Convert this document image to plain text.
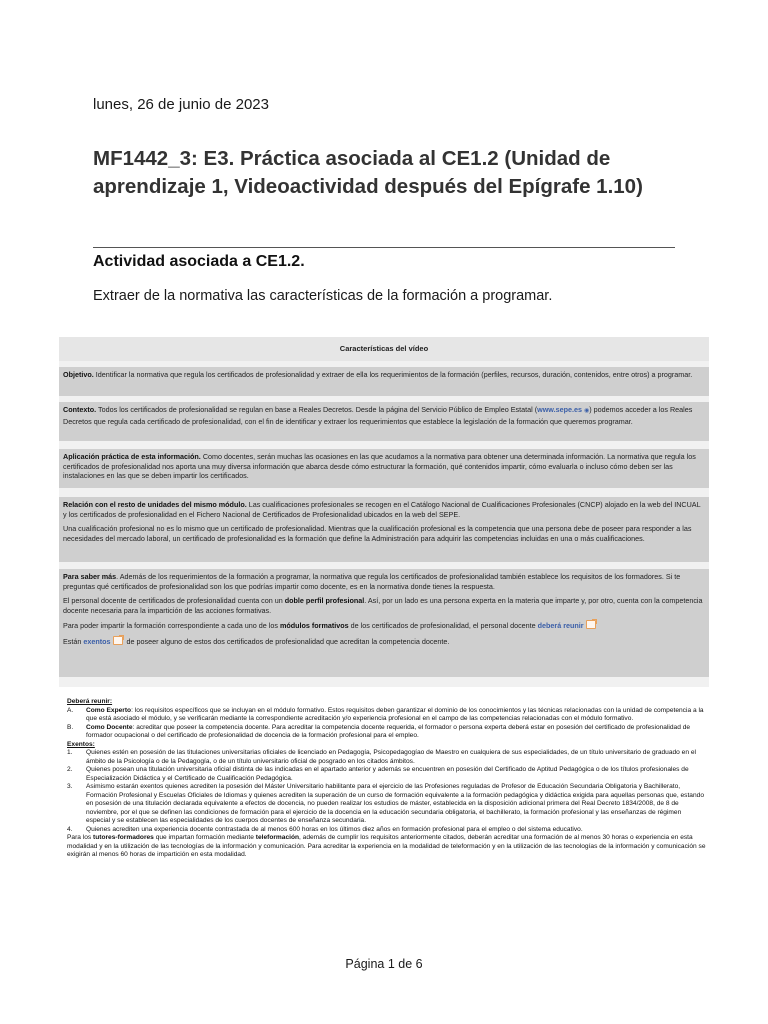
lunes, 26 de junio de 2023
MF1442_3: E3. Práctica asociada al CE1.2 (Unidad de aprendizaje 1, Videoactividad después del Epígrafe 1.10)
Actividad asociada a CE1.2.
Extraer de la normativa las características de la formación a programar.
Características del vídeo

Objetivo. Identificar la normativa que regula los certificados de profesionalidad y extraer de ella los requerimientos de la formación (perfiles, recursos, duración, contenidos, entre otros) a programar.

Contexto. Todos los certificados de profesionalidad se regulan en base a Reales Decretos. Desde la página del Servicio Público de Empleo Estatal (www.sepe.es ◉) podemos acceder a los Reales Decretos que regula cada certificado de profesionalidad, con el fin de identificar y extraer los requerimientos que establece la legislación de la formación que queremos programar.

Aplicación práctica de esta información. Como docentes, serán muchas las ocasiones en las que acudamos a la normativa para obtener una determinada información. La normativa que regula los certificados de profesionalidad nos aporta una muy diversa información que abarca desde cómo estructurar la formación, qué contenidos impartir, cómo evaluarla o incluso cómo deben ser las instalaciones en las que se deben impartir los certificados.

Relación con el resto de unidades del mismo módulo. Las cualificaciones profesionales se recogen en el Catálogo Nacional de Cualificaciones Profesionales (CNCP) alojado en la web del INCUAL y los certificados de profesionalidad en el Fichero Nacional de Certificados de Profesionalidad ubicados en la web del SEPE.

Una cualificación profesional no es lo mismo que un certificado de profesionalidad. Mientras que la cualificación profesional es la competencia que una persona debe de poseer para responder a las necesidades del mercado laboral, un certificado de profesionalidad es la formación que define la Administración para adquirir las competencias incluidas en una o más cualificaciones.

Para saber más. Además de los requerimientos de la formación a programar, la normativa que regula los certificados de profesionalidad también establece los requisitos de los formadores. Si te preguntas qué certificados de profesionalidad son los que podrías impartir como docente, es en la normativa donde tienes la respuesta.

El personal docente de certificados de profesionalidad cuenta con un doble perfil profesional. Así, por un lado es una persona experta en la materia que imparte y, por otro, cuenta con la competencia docente necesaria para la impartición de las acciones formativas.

Para poder impartir la formación correspondiente a cada uno de los módulos formativos de los certificados de profesionalidad, el personal docente deberá reunir

Están exentos de poseer alguno de estos dos certificados de profesionalidad que acreditan la competencia docente.

Deberá reunir:
A.	Como Experto: los requisitos específicos que se incluyan en el módulo formativo. Estos requisitos deben garantizar el dominio de los conocimientos y las técnicas relacionadas con la unidad de competencia a la que está asociado el módulo, y se verificarán mediante la correspondiente acreditación y/o experiencia profesional en el campo de las competencias relacionadas con el módulo formativo.
B.	Como Docente: acreditar que poseer la competencia docente. Para acreditar la competencia docente requerida, el formador o persona experta deberá estar en posesión del certificado de profesionalidad de formador ocupacional o del certificado de profesionalidad de docencia de la formación profesional para el empleo.
Exentos:
1.	Quienes estén en posesión de las titulaciones universitarias oficiales de licenciado en Pedagogía, Psicopedagogíao de Maestro en cualquiera de sus especialidades, de un título universitario de graduado en el ámbito de la Psicología o de la Pedagogía, o de un título universitario oficial de posgrado en los citados ámbitos.
2.	Quienes posean una titulación universitaria oficial distinta de las indicadas en el apartado anterior y además se encuentren en posesión del Certificado de Aptitud Pedagógica o de los títulos profesionales de Especialización Didáctica y el Certificado de Cualificación Pedagógica.
3.	Asimismo estarán exentos quienes acrediten la posesión del Máster Universitario habilitante para el ejercicio de las Profesiones reguladas de Profesor de Educación Secundaria Obligatoria y Bachillerato, Formación Profesional y Escuelas Oficiales de Idiomas y quienes acrediten la superación de un curso de formación equivalente a la formación pedagógica y didáctica exigida para aquellas personas que, estando en posesión de una titulación declarada equivalente a efectos de docencia, no pueden realizar los estudios de máster, establecida en la disposición adicional primera del Real Decreto 1834/2008, de 8 de noviembre, por el que se definen las condiciones de formación para el ejercicio de la docencia en la educación secundaria obligatoria, el bachillerato, la formación profesional y las enseñanzas de régimen especial y se establecen las especialidades de los cuerpos docentes de enseñanza secundaria.
4.	Quienes acrediten una experiencia docente contrastada de al menos 600 horas en los últimos diez años en formación profesional para el empleo o del sistema educativo.
Para los tutores-formadores que impartan formación mediante teleformación, además de cumplir los requisitos anteriormente citados, deberán acreditar una formación de al menos 30 horas o experiencia en esta modalidad y en la utilización de las tecnologías de la información y comunicación. Para acreditar la experiencia en la modalidad de teleformación y en la utilización de las tecnologías de la información y comunicación se exigirán al menos 60 horas de impartición en esta modalidad.
Página 1 de 6
